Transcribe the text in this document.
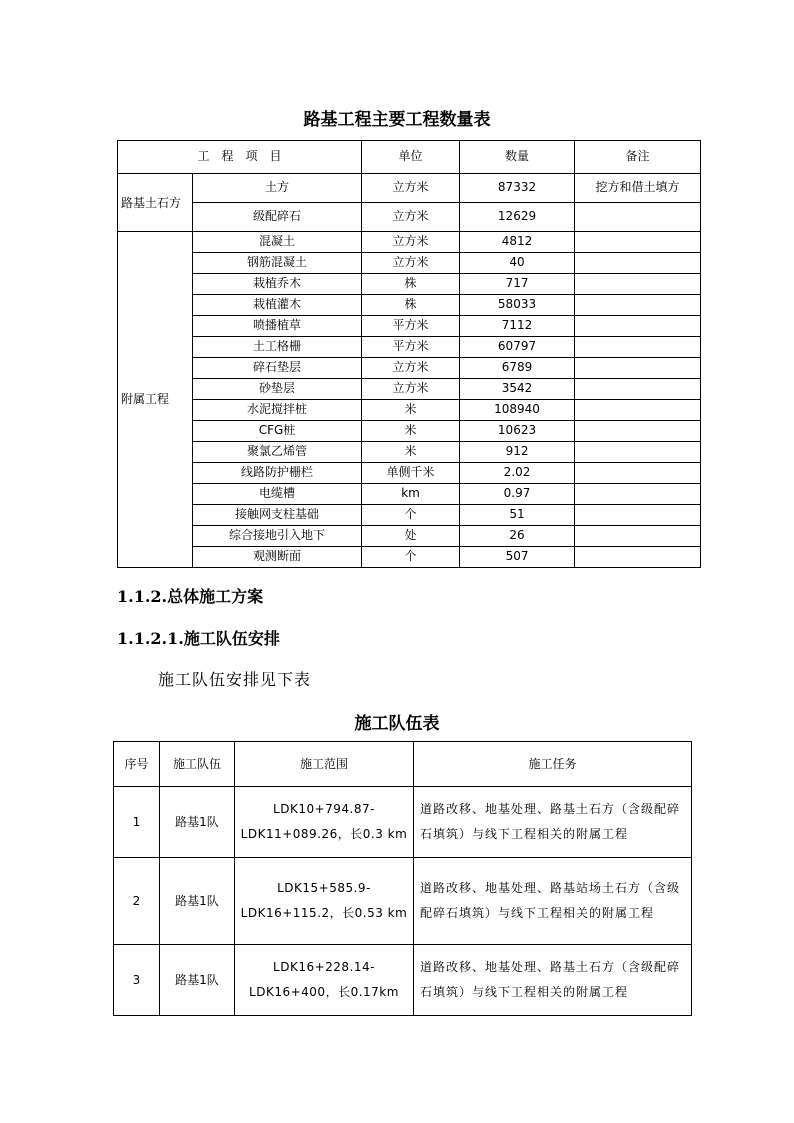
路基工程主要工程数量表
工　程　项　目		单位	数量	备注
路基土石方	土方	立方米	87332	挖方和借土填方
	级配碎石	立方米	12629	
附属工程	混凝土	立方米	4812	
	钢筋混凝土	立方米	40	
	栽植乔木	株	717	
	栽植灌木	株	58033	
	喷播植草	平方米	7112	
	土工格栅	平方米	60797	
	碎石垫层	立方米	6789	
	砂垫层	立方米	3542	
	水泥搅拌桩	米	108940	
	CFG桩	米	10623	
	聚氯乙烯管	米	912	
	线路防护栅栏	单侧千米	2.02	
	电缆槽	km	0.97	
	接触网支柱基础	个	51	
	综合接地引入地下	处	26	
	观测断面	个	507	
1.1.2.总体施工方案
1.1.2.1.施工队伍安排
施工队伍安排见下表
施工队伍表
序号	施工队伍	施工范围	施工任务
1	路基1队	LDK10+794.87-LDK11+089.26，长0.3 km	道路改移、地基处理、路基土石方（含级配碎石填筑）与线下工程相关的附属工程
2	路基1队	LDK15+585.9-LDK16+115.2，长0.53 km	道路改移、地基处理、路基站场土石方（含级配碎石填筑）与线下工程相关的附属工程
3	路基1队	LDK16+228.14-LDK16+400，长0.17km	道路改移、地基处理、路基土石方（含级配碎石填筑）与线下工程相关的附属工程
